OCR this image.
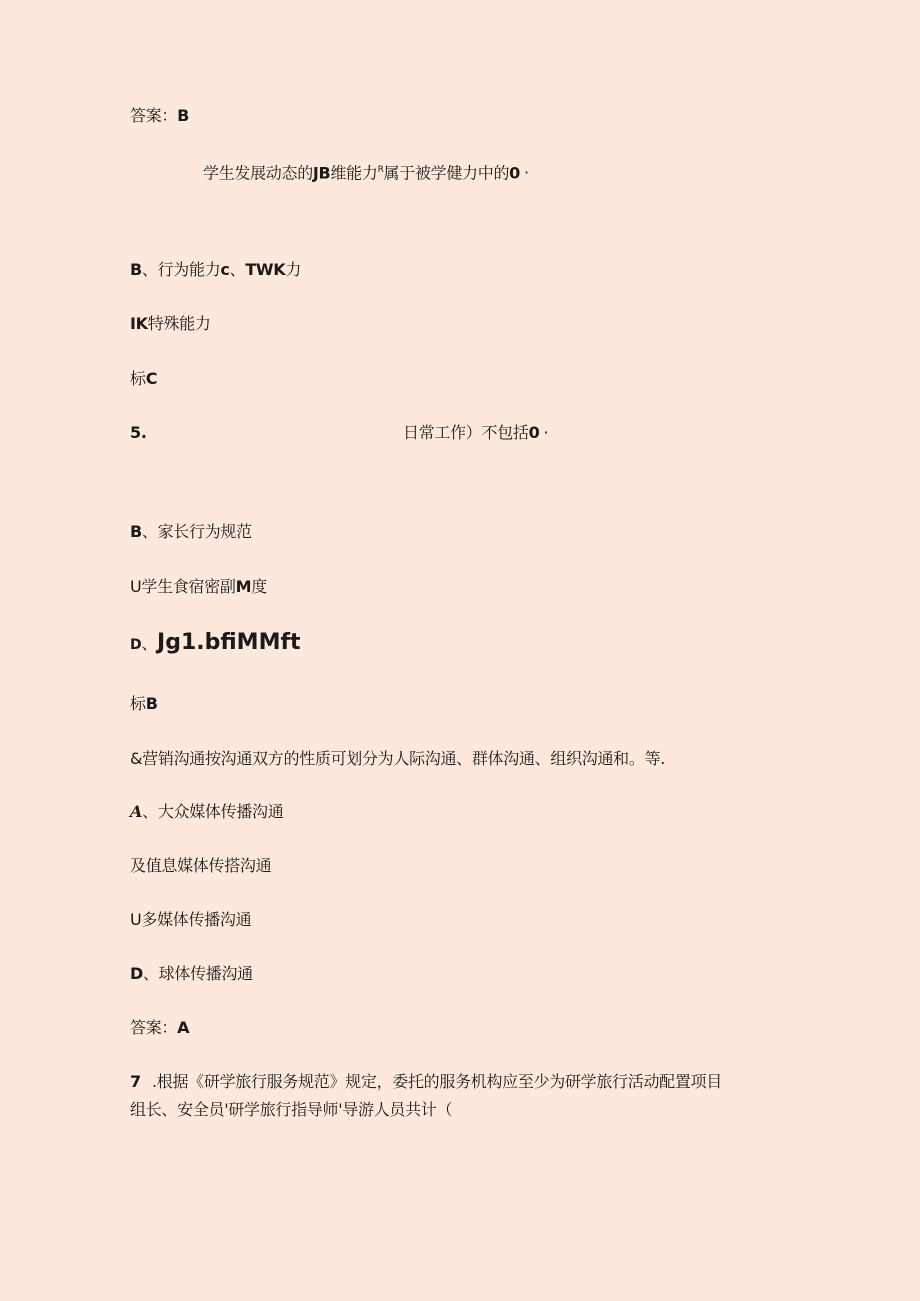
答案：B
学生发展动态的JB维能力$^R$属于被学健力中的0 ·
B、行为能力c、TWK力
IK特殊能力
标C
5.	日常工作）不包括0 ·
B、家长行为规范
U学生食宿密副M度
D、Jg1.bfiMMft
标B
&营销沟通按沟通双方的性质可划分为人际沟通、群体沟通、组织沟通和。等.
A、大众媒体传播沟通
及值息媒体传搭沟通
U多媒体传播沟通
D、球体传播沟通
答案：A
7 .根据《研学旅行服务规范》规定，委托的服务机构应至少为研学旅行活动配置项目
组长、安全员'研学旅行指导师'导游人员共计（
